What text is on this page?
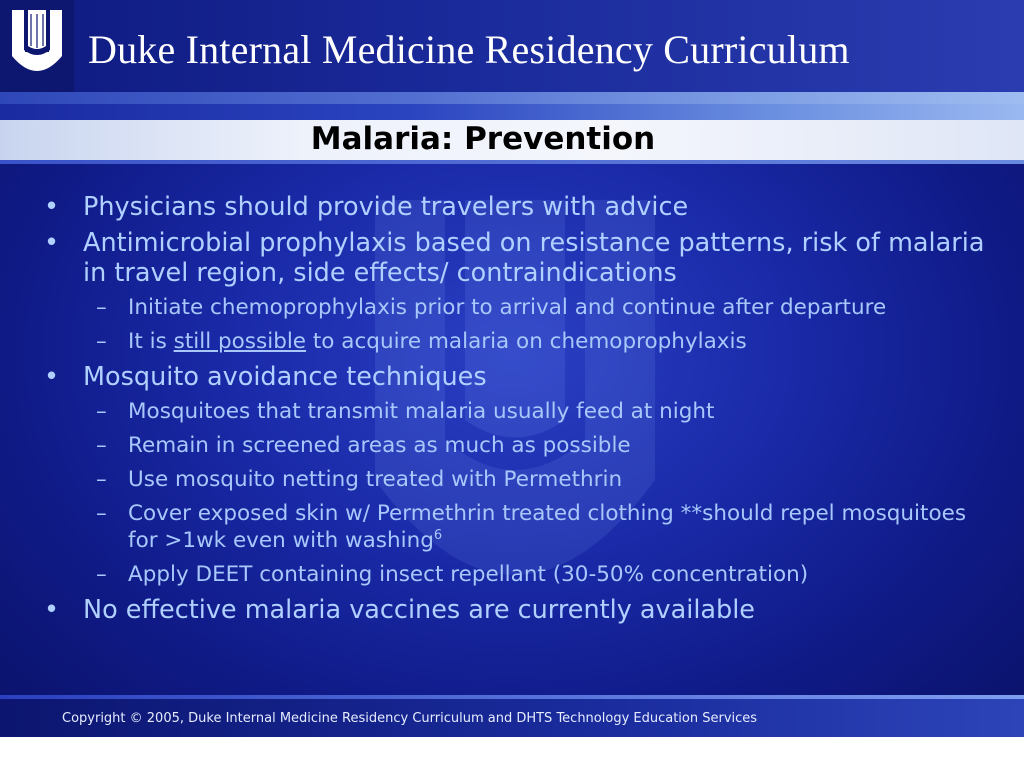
Duke Internal Medicine Residency Curriculum
Malaria: Prevention
• Physicians should provide travelers with advice
• Antimicrobial prophylaxis based on resistance patterns, risk of malaria in travel region, side effects/ contraindications
– Initiate chemoprophylaxis prior to arrival and continue after departure
– It is still possible to acquire malaria on chemoprophylaxis
• Mosquito avoidance techniques
– Mosquitoes that transmit malaria usually feed at night
– Remain in screened areas as much as possible
– Use mosquito netting treated with Permethrin
– Cover exposed skin w/ Permethrin treated clothing **should repel mosquitoes for >1wk even with washing$^6$
– Apply DEET containing insect repellant (30-50% concentration)
• No effective malaria vaccines are currently available
Copyright © 2005, Duke Internal Medicine Residency Curriculum and DHTS Technology Education Services
